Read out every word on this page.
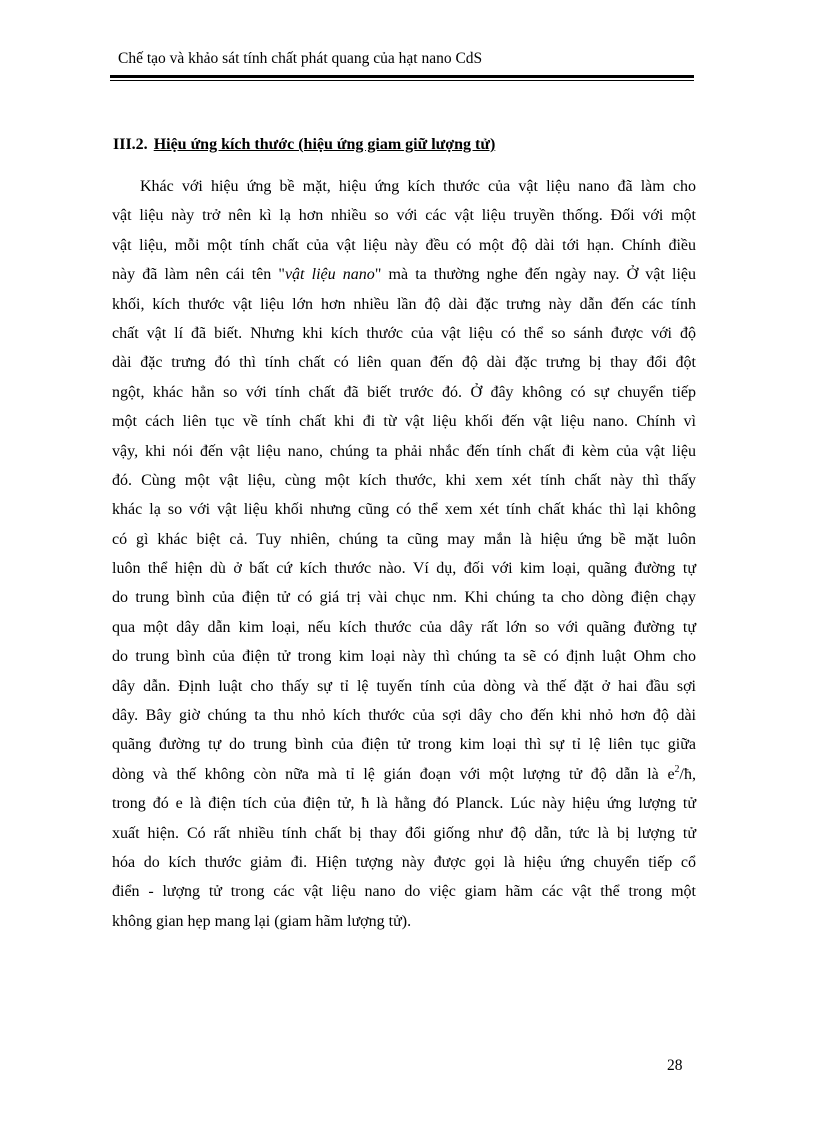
Chế tạo và khảo sát tính chất phát quang của hạt nano CdS
III.2. Hiệu ứng kích thước (hiệu ứng giam giữ lượng tử)

Khác với hiệu ứng bề mặt, hiệu ứng kích thước của vật liệu nano đã làm cho
vật liệu này trở nên kì lạ hơn nhiều so với các vật liệu truyền thống. Đối với một
vật liệu, mỗi một tính chất của vật liệu này đều có một độ dài tới hạn. Chính điều
này đã làm nên cái tên "vật liệu nano" mà ta thường nghe đến ngày nay. Ở vật liệu
khối, kích thước vật liệu lớn hơn nhiều lần độ dài đặc trưng này dẫn đến các tính
chất vật lí đã biết. Nhưng khi kích thước của vật liệu có thể so sánh được với độ
dài đặc trưng đó thì tính chất có liên quan đến độ dài đặc trưng bị thay đổi đột
ngột, khác hẳn so với tính chất đã biết trước đó. Ở đây không có sự chuyển tiếp
một cách liên tục về tính chất khi đi từ vật liệu khối đến vật liệu nano. Chính vì
vậy, khi nói đến vật liệu nano, chúng ta phải nhắc đến tính chất đi kèm của vật liệu
đó. Cùng một vật liệu, cùng một kích thước, khi xem xét tính chất này thì thấy
khác lạ so với vật liệu khối nhưng cũng có thể xem xét tính chất khác thì lại không
có gì khác biệt cả. Tuy nhiên, chúng ta cũng may mắn là hiệu ứng bề mặt luôn
luôn thể hiện dù ở bất cứ kích thước nào. Ví dụ, đối với kim loại, quãng đường tự
do trung bình của điện tử có giá trị vài chục nm. Khi chúng ta cho dòng điện chạy
qua một dây dẫn kim loại, nếu kích thước của dây rất lớn so với quãng đường tự
do trung bình của điện tử trong kim loại này thì chúng ta sẽ có định luật Ohm cho
dây dẫn. Định luật cho thấy sự tỉ lệ tuyến tính của dòng và thế đặt ở hai đầu sợi
dây. Bây giờ chúng ta thu nhỏ kích thước của sợi dây cho đến khi nhỏ hơn độ dài
quãng đường tự do trung bình của điện tử trong kim loại thì sự tỉ lệ liên tục giữa
dòng và thế không còn nữa mà tỉ lệ gián đoạn với một lượng tử độ dẫn là $e^2/ħ$,
trong đó e là điện tích của điện tử, ħ là hằng đó Planck. Lúc này hiệu ứng lượng tử
xuất hiện. Có rất nhiều tính chất bị thay đổi giống như độ dẫn, tức là bị lượng tử
hóa do kích thước giảm đi. Hiện tượng này được gọi là hiệu ứng chuyển tiếp cổ
điển - lượng tử trong các vật liệu nano do việc giam hãm các vật thể trong một
không gian hẹp mang lại (giam hãm lượng tử).

28
